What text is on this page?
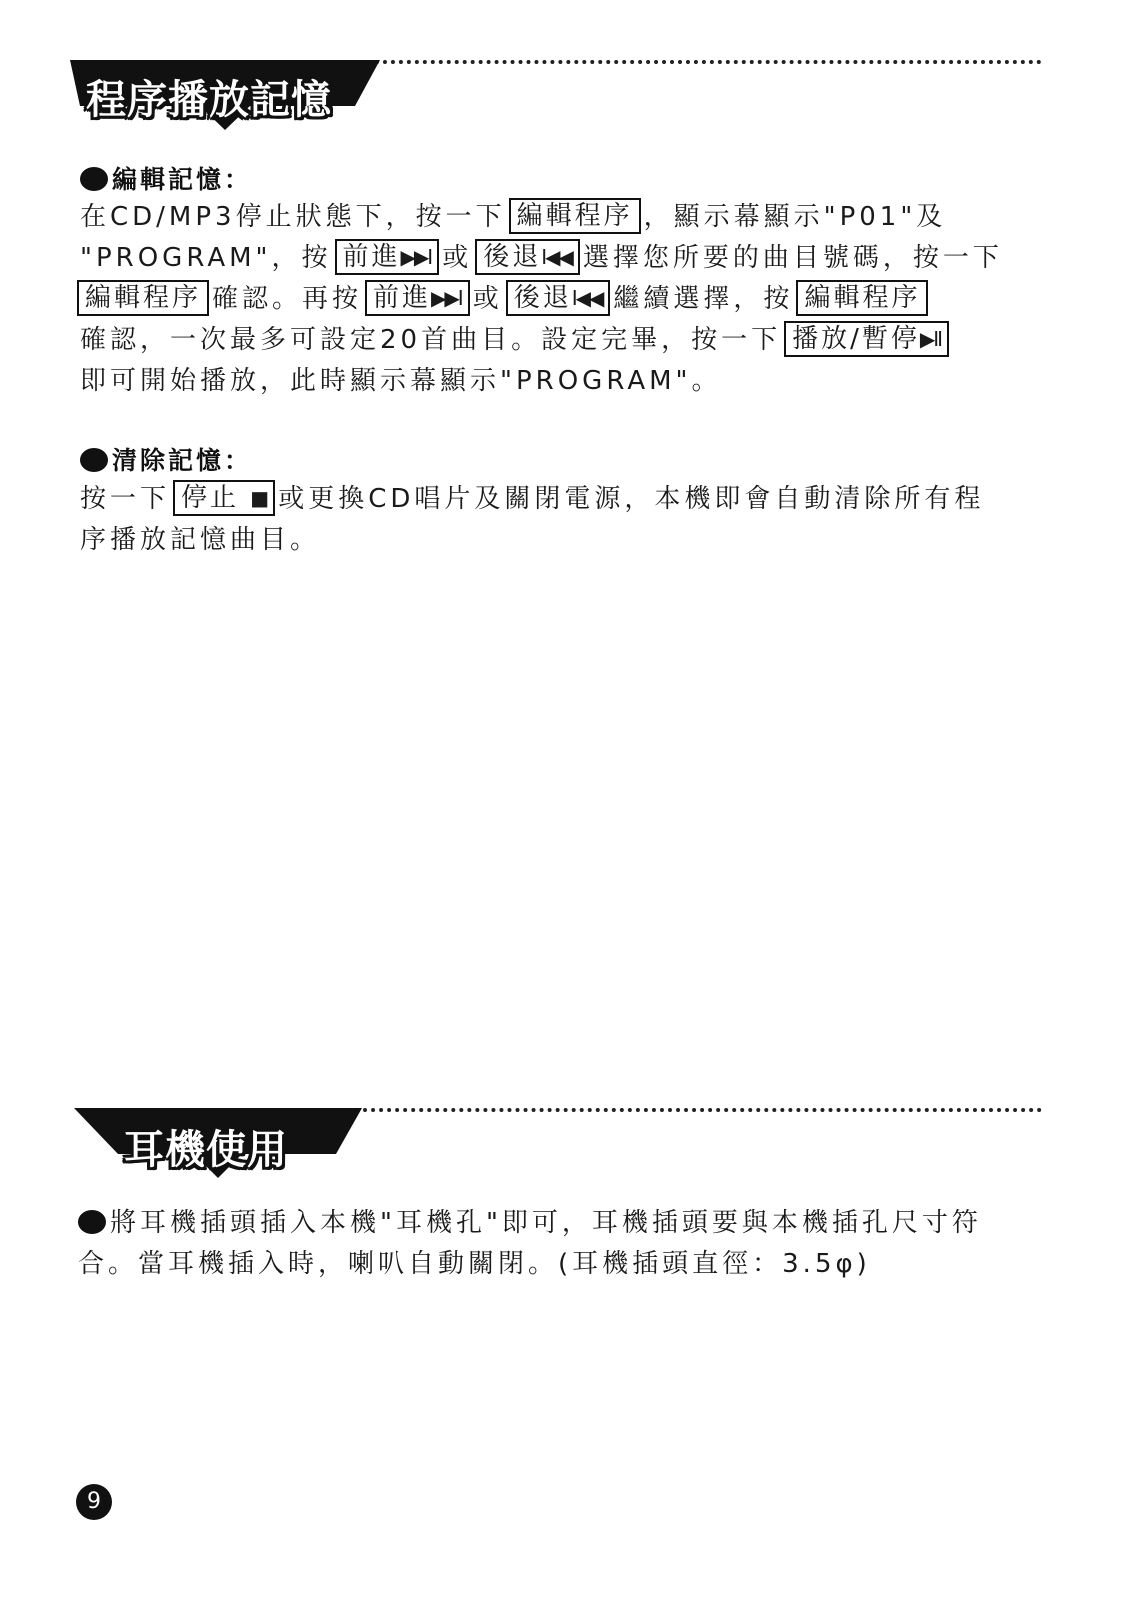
程序播放記憶
編輯記憶：
在CD/MP3停止狀態下，按一下 編輯程序 ，顯示幕顯示"P01"及
"PROGRAM"，按 前進▶▶I 或 後退I◀◀ 選擇您所要的曲目號碼，按一下
編輯程序 確認。再按 前進▶▶I 或 後退I◀◀ 繼續選擇，按 編輯程序
確認，一次最多可設定20首曲目。設定完畢，按一下 播放/暫停▶II
即可開始播放，此時顯示幕顯示"PROGRAM"。
清除記憶：
按一下 停止 ■ 或更換CD唱片及關閉電源，本機即會自動清除所有程
序播放記憶曲目。
耳機使用
將耳機插頭插入本機"耳機孔"即可，耳機插頭要與本機插孔尺寸符
合。當耳機插入時，喇叭自動關閉。(耳機插頭直徑：3.5φ)
9
